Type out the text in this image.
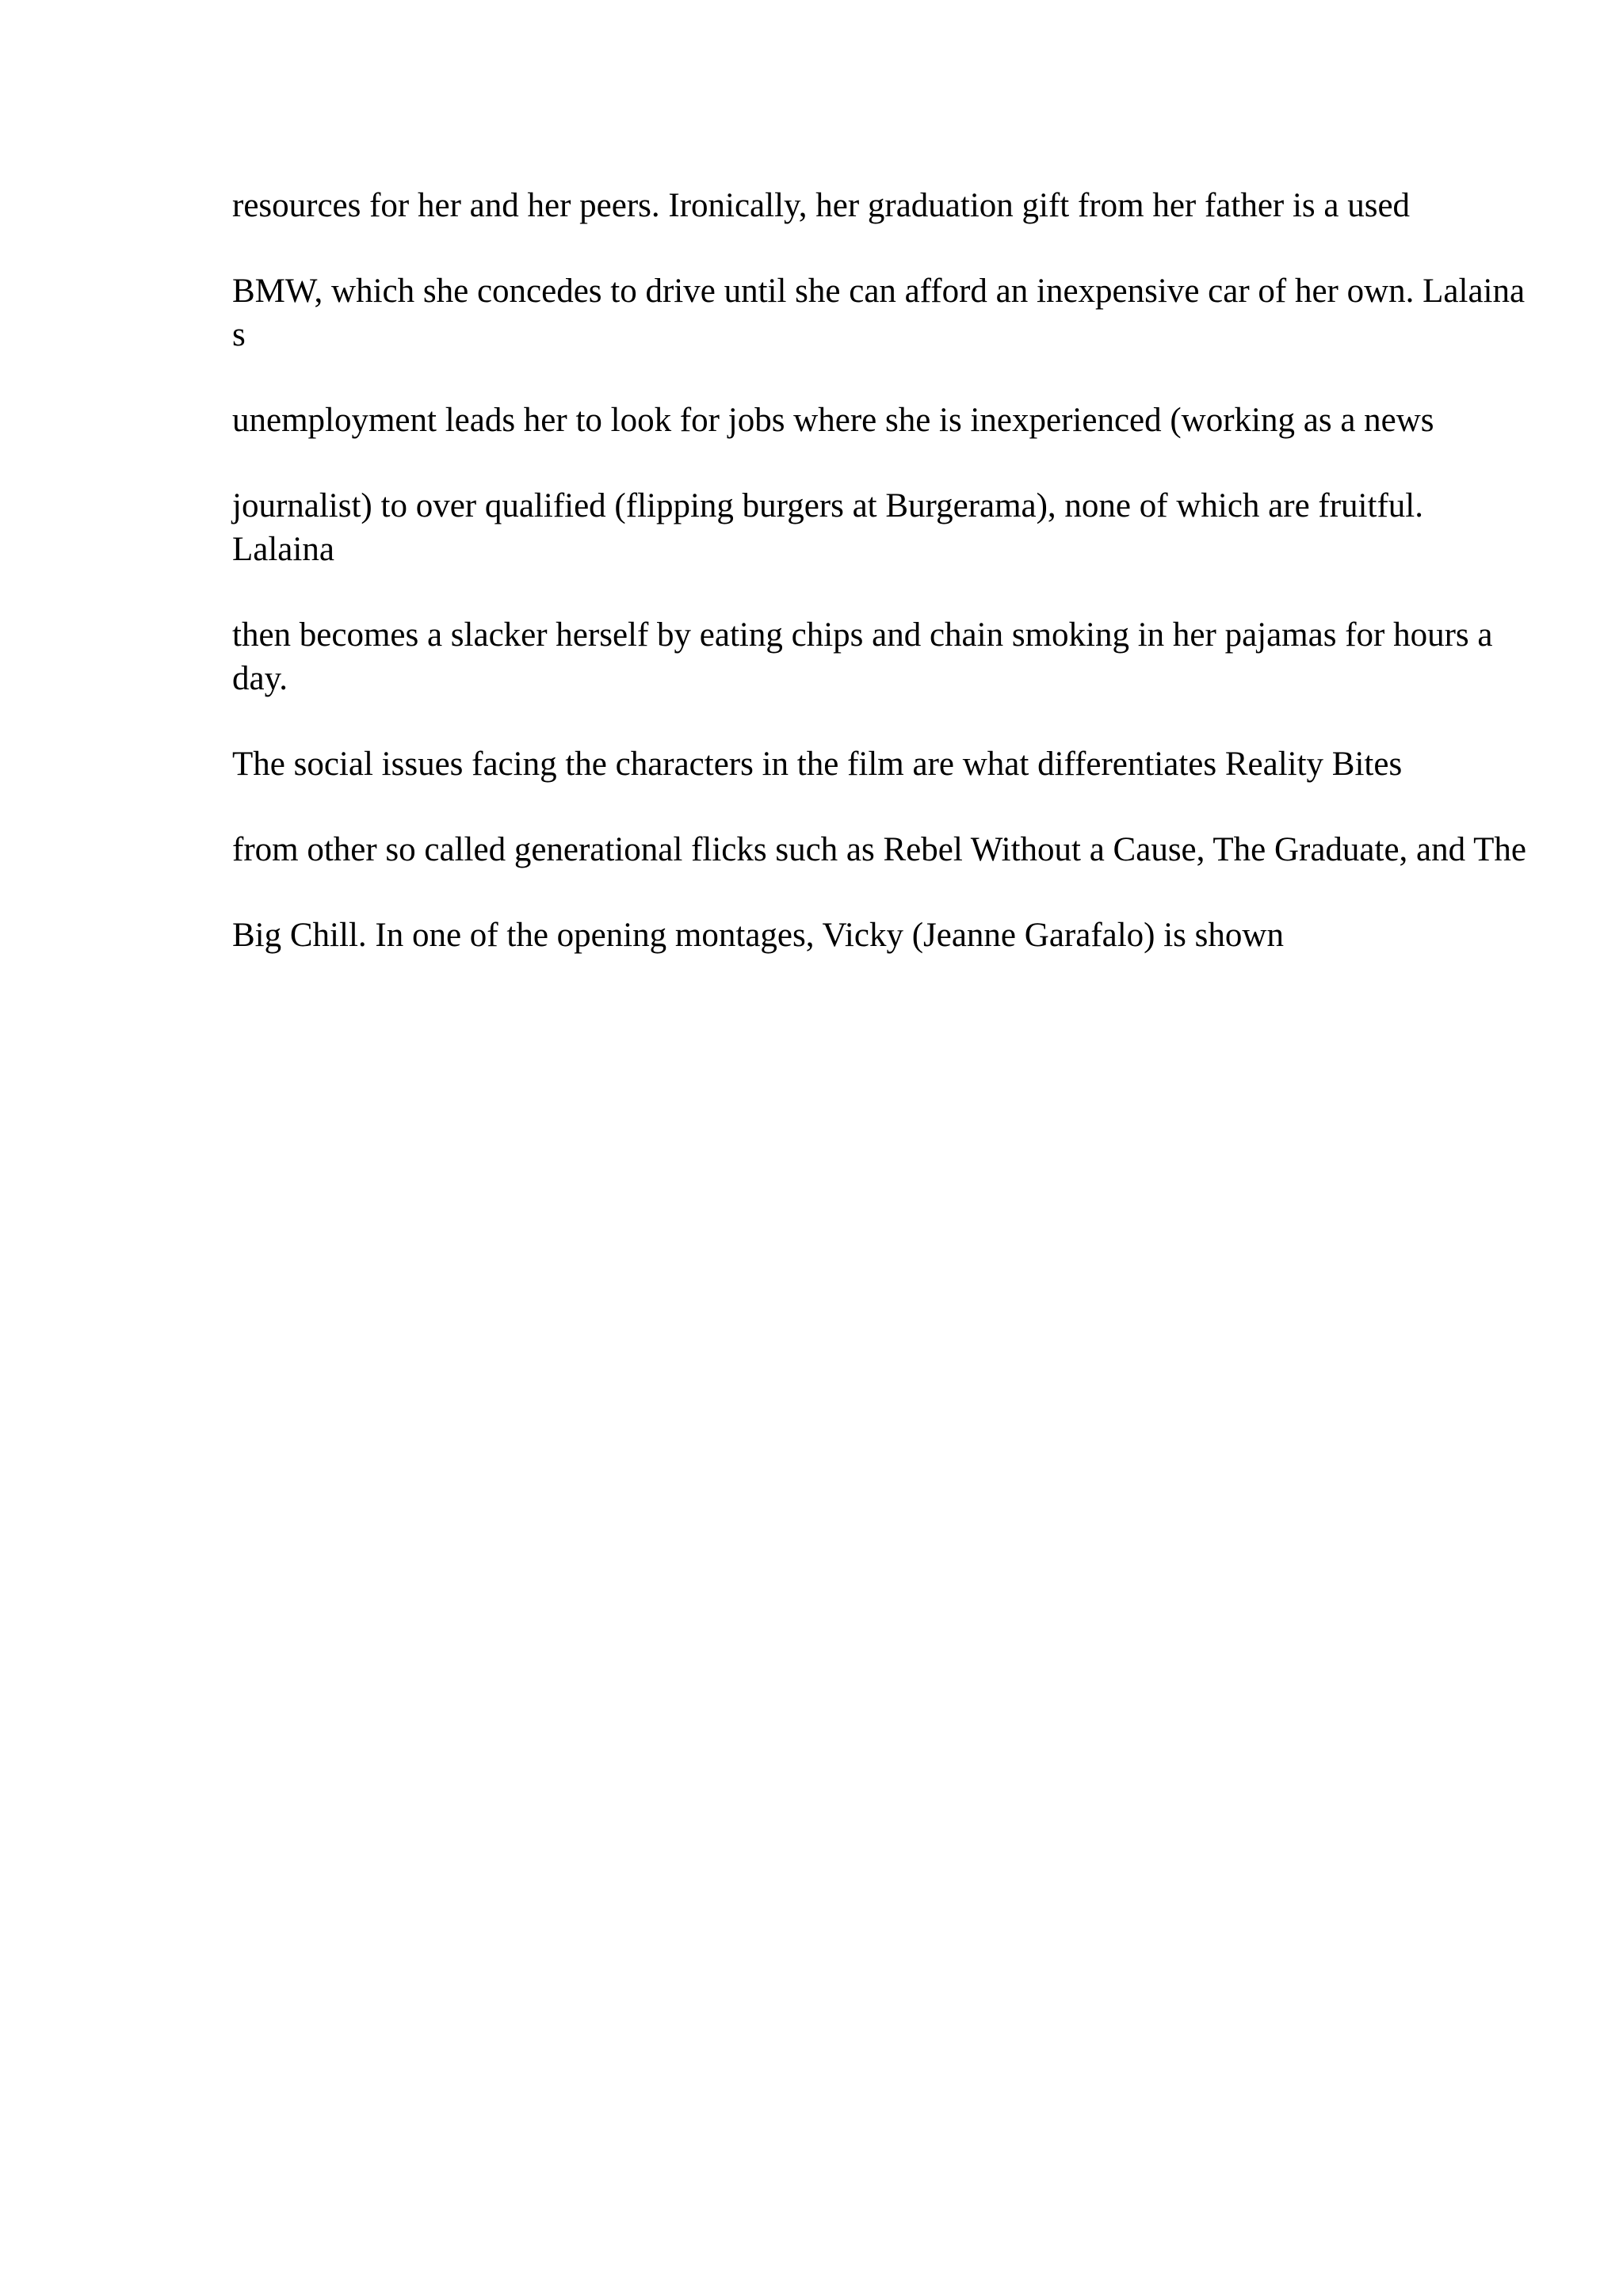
resources for her and her peers. Ironically, her graduation gift from her father is a used

BMW, which she concedes to drive until she can afford an inexpensive car of her own. Lalaina s

unemployment leads her to look for jobs where she is inexperienced (working as a news

journalist) to over qualified (flipping burgers at Burgerama), none of which are fruitful. Lalaina

then becomes a slacker herself by eating chips and chain smoking in her pajamas for hours a day.

The social issues facing the characters in the film are what differentiates Reality Bites

from other so called generational flicks such as Rebel Without a Cause, The Graduate, and The

Big Chill. In one of the opening montages, Vicky (Jeanne Garafalo) is shown
